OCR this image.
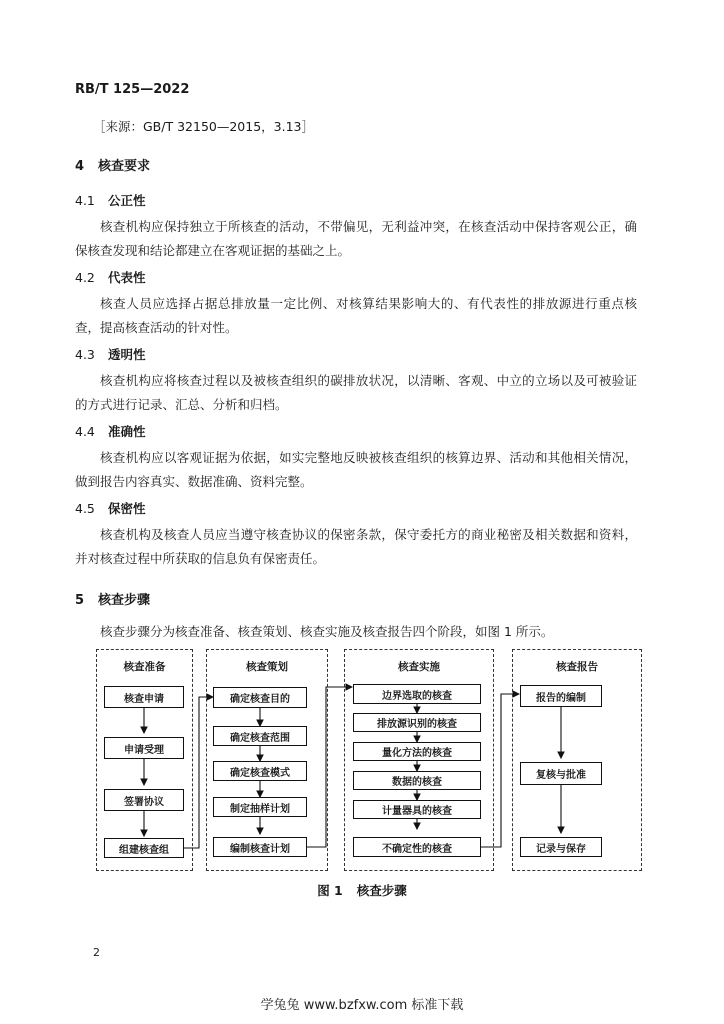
RB/T 125—2022
［来源：GB/T 32150—2015，3.13］
4 核查要求
4.1 公正性
核查机构应保持独立于所核查的活动，不带偏见，无利益冲突，在核查活动中保持客观公正，确保核查发现和结论都建立在客观证据的基础之上。
4.2 代表性
核查人员应选择占据总排放量一定比例、对核算结果影响大的、有代表性的排放源进行重点核查，提高核查活动的针对性。
4.3 透明性
核查机构应将核查过程以及被核查组织的碳排放状况，以清晰、客观、中立的立场以及可被验证的方式进行记录、汇总、分析和归档。
4.4 准确性
核查机构应以客观证据为依据，如实完整地反映被核查组织的核算边界、活动和其他相关情况，做到报告内容真实、数据准确、资料完整。
4.5 保密性
核查机构及核查人员应当遵守核查协议的保密条款，保守委托方的商业秘密及相关数据和资料，并对核查过程中所获取的信息负有保密责任。
5 核查步骤
核查步骤分为核查准备、核查策划、核查实施及核查报告四个阶段，如图 1 所示。
核查准备	核查策划	核查实施	核查报告
核查申请
申请受理
签署协议
组建核查组
确定核查目的
确定核查范围
确定核查模式
制定抽样计划
编制核查计划
边界选取的核查
排放源识别的核查
量化方法的核查
数据的核查
计量器具的核查
不确定性的核查
报告的编制
复核与批准
记录与保存
图 1 核查步骤
2
学兔兔 www.bzfxw.com 标准下载
